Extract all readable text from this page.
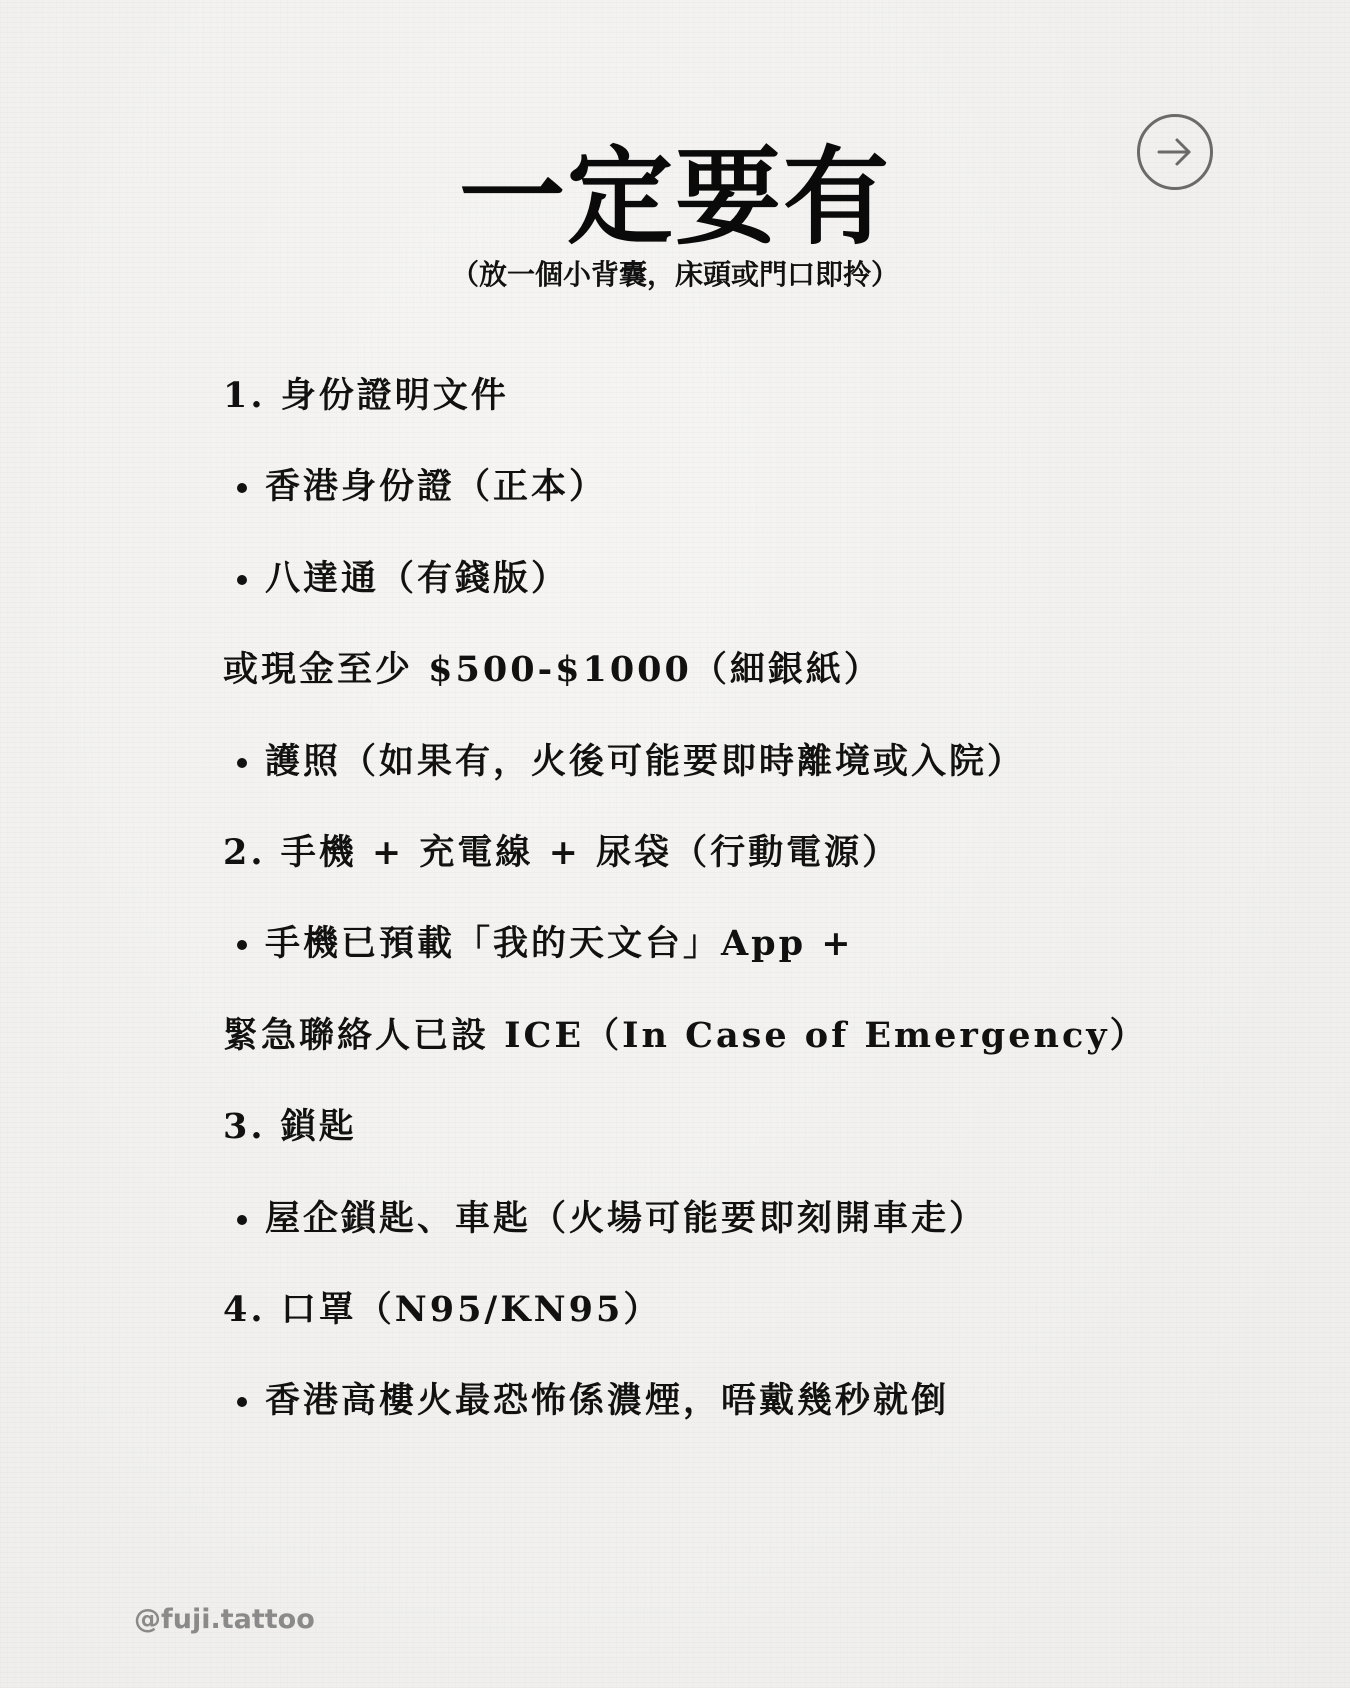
一定要有
（放一個小背囊，床頭或門口即拎）
1. 身份證明文件
香港身份證（正本）
八達通（有錢版）
或現金至少 $500-$1000（細銀紙）
護照（如果有，火後可能要即時離境或入院）
2. 手機 + 充電線 + 尿袋（行動電源）
手機已預載「我的天文台」App +
緊急聯絡人已設 ICE（In Case of Emergency）
3. 鎖匙
屋企鎖匙、車匙（火場可能要即刻開車走）
4. 口罩（N95/KN95）
香港高樓火最恐怖係濃煙，唔戴幾秒就倒
@fuji.tattoo
